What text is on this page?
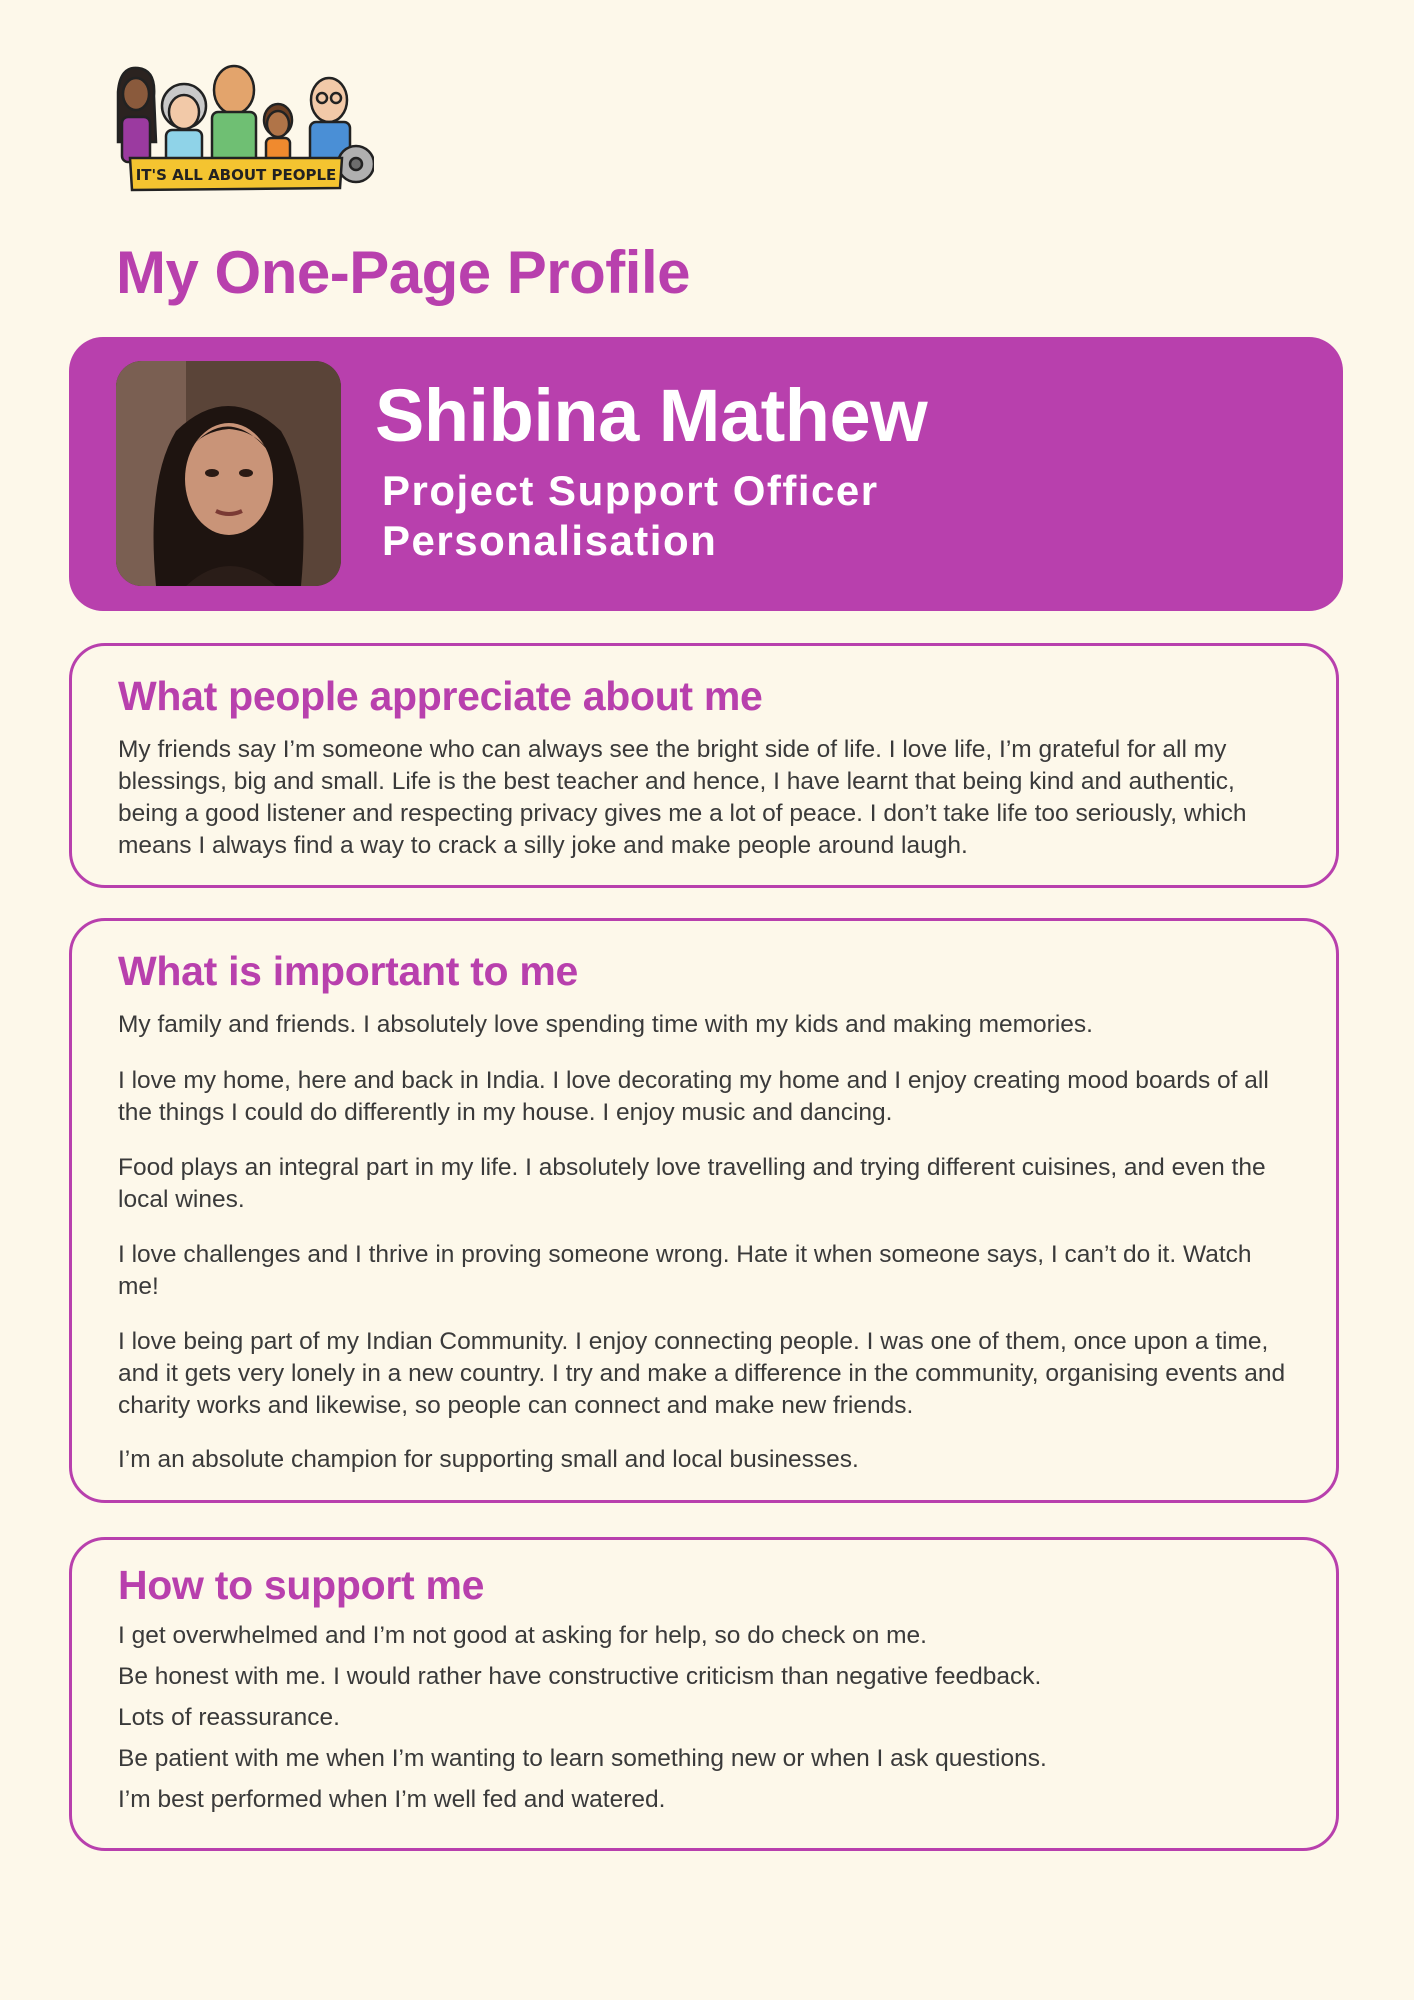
IT'S ALL ABOUT PEOPLE
My One-Page Profile
Shibina Mathew
Project Support Officer
Personalisation
What people appreciate about me

My friends say I’m someone who can always see the bright side of life. I love life, I’m grateful for all my blessings, big and small. Life is the best teacher and hence, I have learnt that being kind and authentic, being a good listener and respecting privacy gives me a lot of peace. I don’t take life too seriously, which means I always find a way to crack a silly joke and make people around laugh.

What is important to me

My family and friends. I absolutely love spending time with my kids and making memories.

I love my home, here and back in India. I love decorating my home and I enjoy creating mood boards of all the things I could do differently in my house. I enjoy music and dancing.

Food plays an integral part in my life. I absolutely love travelling and trying different cuisines, and even the local wines.

I love challenges and I thrive in proving someone wrong. Hate it when someone says, I can’t do it. Watch me!

I love being part of my Indian Community. I enjoy connecting people. I was one of them, once upon a time, and it gets very lonely in a new country. I try and make a difference in the community, organising events and charity works and likewise, so people can connect and make new friends.

I’m an absolute champion for supporting small and local businesses.

How to support me

I get overwhelmed and I’m not good at asking for help, so do check on me.

Be honest with me. I would rather have constructive criticism than negative feedback.

Lots of reassurance.

Be patient with me when I’m wanting to learn something new or when I ask questions.

I’m best performed when I’m well fed and watered.
